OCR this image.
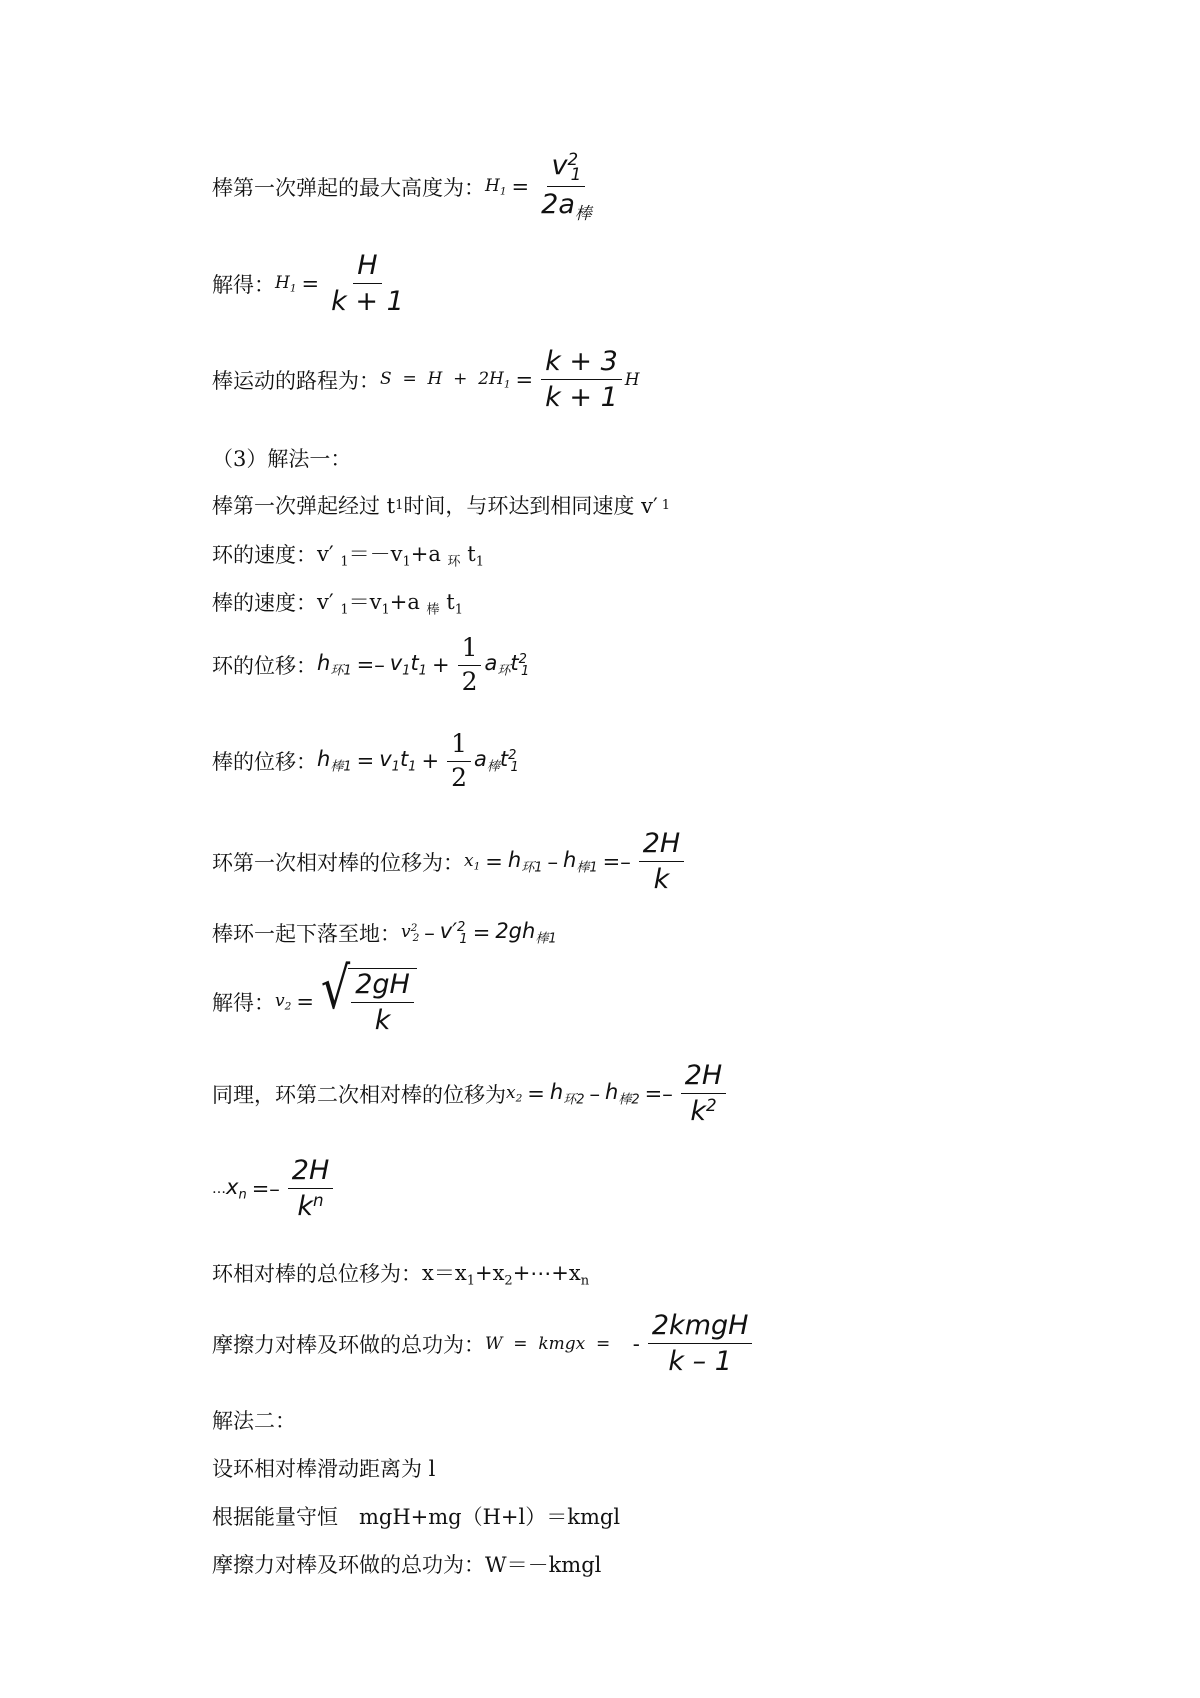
棒第一次弹起的最大高度为： $H_1 = \frac{v^2_1}{2a_棒}$
解得： $H_1 = \frac{H}{k + 1}$
棒运动的路程为： $S = H + 2H_1 = \frac{k + 3}{k + 1}$ H
（3）解法一：
棒第一次弹起经过 t 1 时间，与环达到相同速度 v′ 1
环的速度： v′ $_1=-v_1+a$ $_环$ $t_1$
棒的速度： v′ $_1=v_1+a$ $_棒$ $t_1$
环的位移： $h_{环1} =- v_1t_1 + \frac{1}{2} a_环t^2_1$
棒的位移： $h_{棒1} = v_1t_1 + \frac{1}{2} a_棒t^2_1$
环第一次相对棒的位移为： $x_1 = h_{环1} - h_{棒1} =- \frac{2H}{k}$
棒环一起下落至地： $v^2_2 - v'^2_1 = 2gh_{棒1}$
解得： $v_2$ = √ $\frac{2gH}{k}$
同理，环第二次相对棒的位移为 $x_2 = h_{环2} - h_{棒2} =- \frac{2H}{k^2}$
… $x_n =- \frac{2H}{k^n}$
环相对棒的总位移为： $x=x_1+x_2+\cdots+x_n$
摩擦力对棒及环做的总功为： W  =  kmgx  = - $\frac{\text{2kmgH}}{k - 1}$
解法二：
设环相对棒滑动距离为 l
根据能量守恒　mgH+mg（H+l）＝kmgl
摩擦力对棒及环做的总功为：W＝－kmgl
